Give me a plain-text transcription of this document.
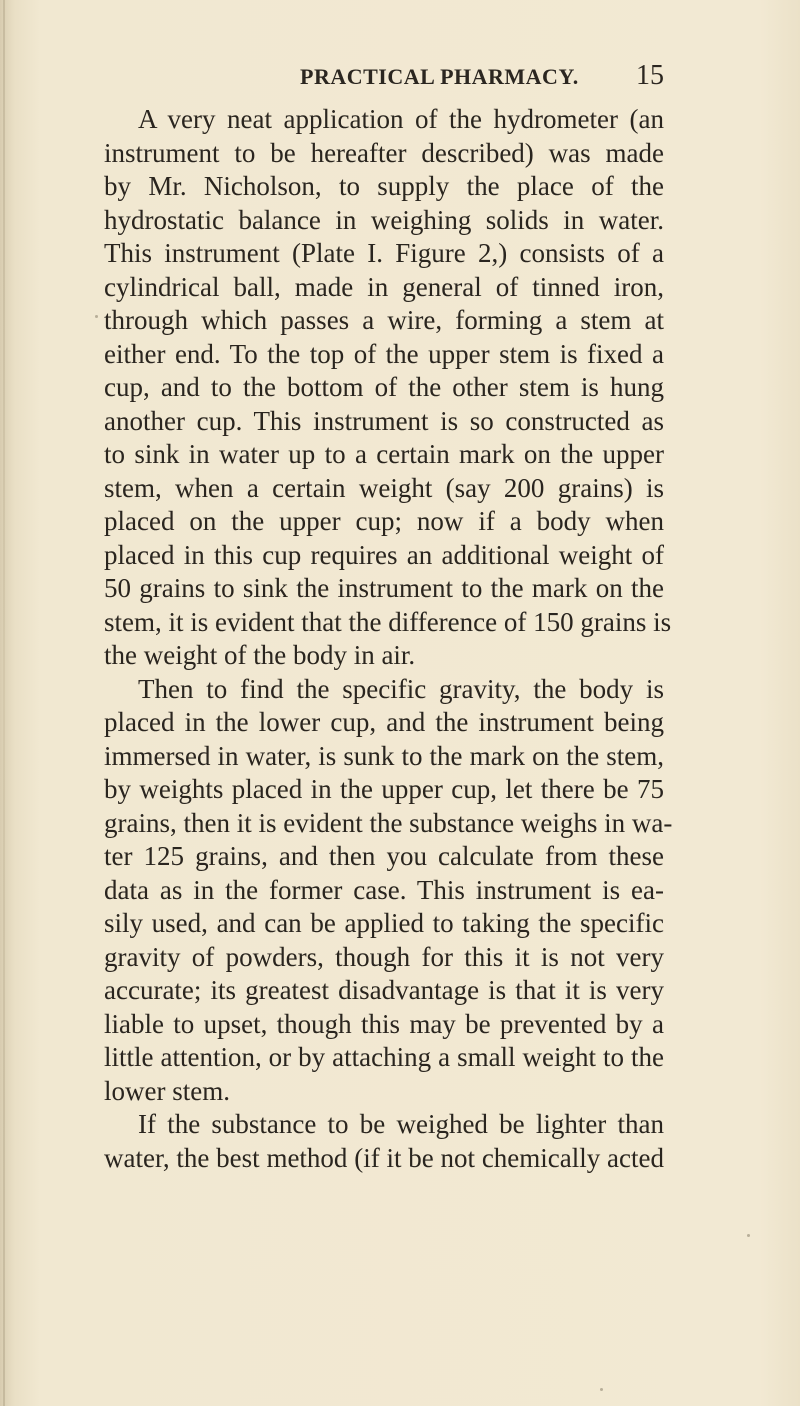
PRACTICAL PHARMACY. 15
A very neat application of the hydrometer (an
instrument to be hereafter described) was made
by Mr. Nicholson, to supply the place of the
hydrostatic balance in weighing solids in water.
This instrument (Plate I. Figure 2,) consists of a
cylindrical ball, made in general of tinned iron,
through which passes a wire, forming a stem at
either end. To the top of the upper stem is fixed a
cup, and to the bottom of the other stem is hung
another cup. This instrument is so constructed as
to sink in water up to a certain mark on the upper
stem, when a certain weight (say 200 grains) is
placed on the upper cup; now if a body when
placed in this cup requires an additional weight of
50 grains to sink the instrument to the mark on the
stem, it is evident that the difference of 150 grains is
the weight of the body in air.
Then to find the specific gravity, the body is
placed in the lower cup, and the instrument being
immersed in water, is sunk to the mark on the stem,
by weights placed in the upper cup, let there be 75
grains, then it is evident the substance weighs in wa-
ter 125 grains, and then you calculate from these
data as in the former case. This instrument is ea-
sily used, and can be applied to taking the specific
gravity of powders, though for this it is not very
accurate; its greatest disadvantage is that it is very
liable to upset, though this may be prevented by a
little attention, or by attaching a small weight to the
lower stem.
If the substance to be weighed be lighter than
water, the best method (if it be not chemically acted
